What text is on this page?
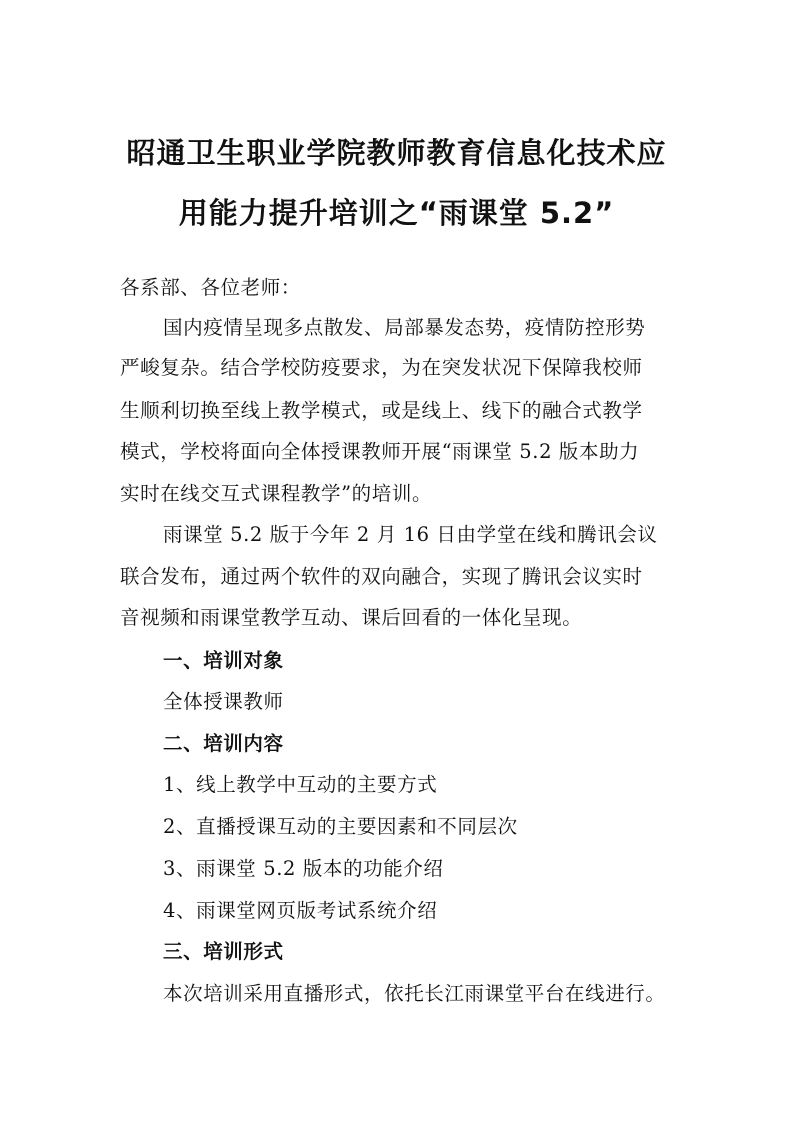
昭通卫生职业学院教师教育信息化技术应
用能力提升培训之“雨课堂 5.2”
各系部、各位老师：
国内疫情呈现多点散发、局部暴发态势，疫情防控形势
严峻复杂。结合学校防疫要求，为在突发状况下保障我校师
生顺利切换至线上教学模式，或是线上、线下的融合式教学
模式，学校将面向全体授课教师开展“雨课堂 5.2 版本助力
实时在线交互式课程教学”的培训。
雨课堂 5.2 版于今年 2 月 16 日由学堂在线和腾讯会议
联合发布，通过两个软件的双向融合，实现了腾讯会议实时
音视频和雨课堂教学互动、课后回看的一体化呈现。
一、培训对象
全体授课教师
二、培训内容
1、线上教学中互动的主要方式
2、直播授课互动的主要因素和不同层次
3、雨课堂 5.2 版本的功能介绍
4、雨课堂网页版考试系统介绍
三、培训形式
本次培训采用直播形式，依托长江雨课堂平台在线进行。
